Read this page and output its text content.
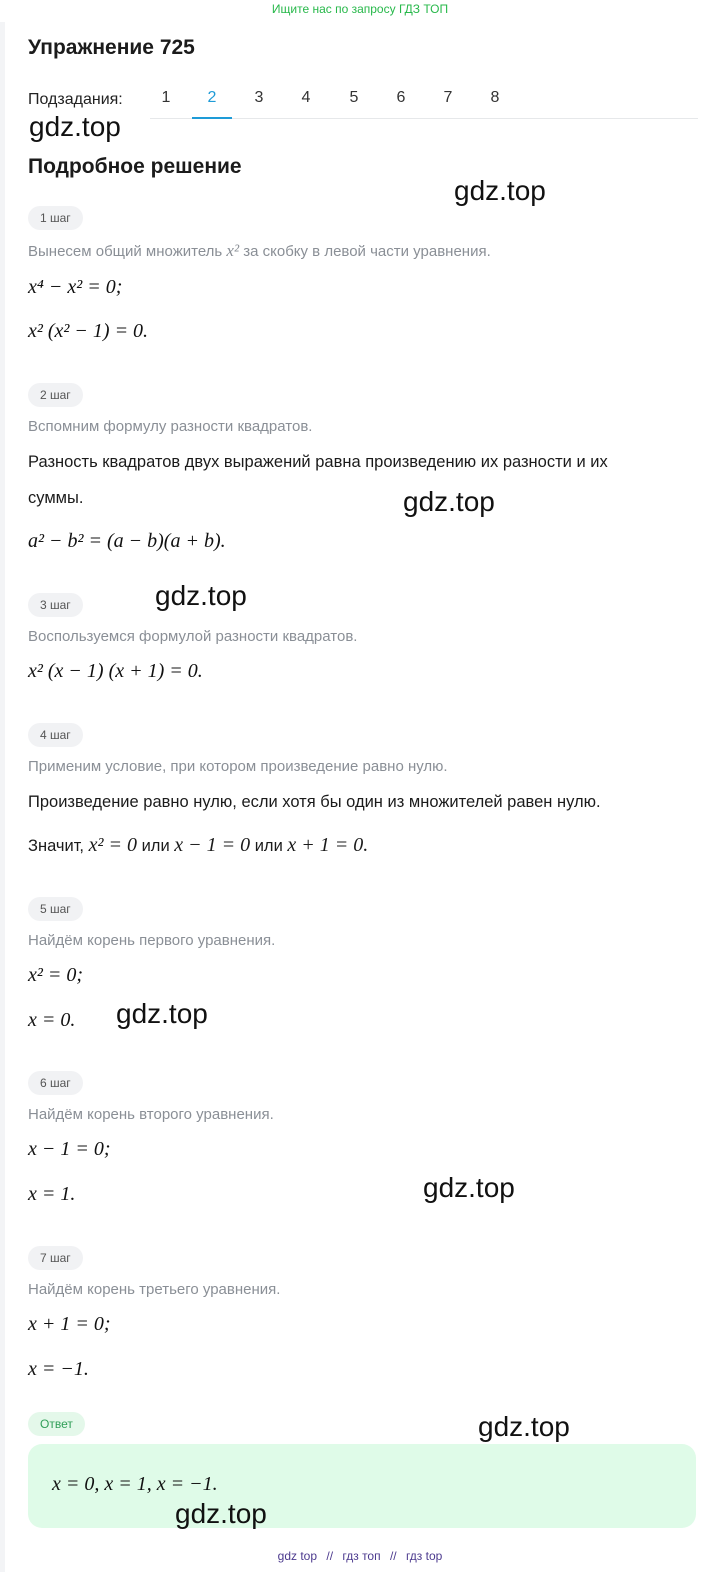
Ищите нас по запросу ГДЗ ТОП
Упражнение 725
Подзадания:	1	2	3	4	5	6	7	8
gdz.top
Подробное решение
gdz.top
1 шаг
Вынесем общий множитель x² за скобку в левой части уравнения.
x⁴ − x² = 0;
x² (x² − 1) = 0.
2 шаг
Вспомним формулу разности квадратов.
Разность квадратов двух выражений равна произведению их разности и их
суммы.	gdz.top
a² − b² = (a − b)(a + b).
3 шаг	gdz.top
Воспользуемся формулой разности квадратов.
x² (x − 1) (x + 1) = 0.
4 шаг
Применим условие, при котором произведение равно нулю.
Произведение равно нулю, если хотя бы один из множителей равен нулю.
Значит, x² = 0 или x − 1 = 0 или x + 1 = 0.
5 шаг
Найдём корень первого уравнения.
x² = 0;
x = 0. gdz.top
6 шаг
Найдём корень второго уравнения.
x − 1 = 0;
x = 1.	gdz.top
7 шаг
Найдём корень третьего уравнения.
x + 1 = 0;
x = −1.
Ответ	gdz.top
x = 0, x = 1, x = −1.
gdz.top
gdz top // гдз топ // гдз top
